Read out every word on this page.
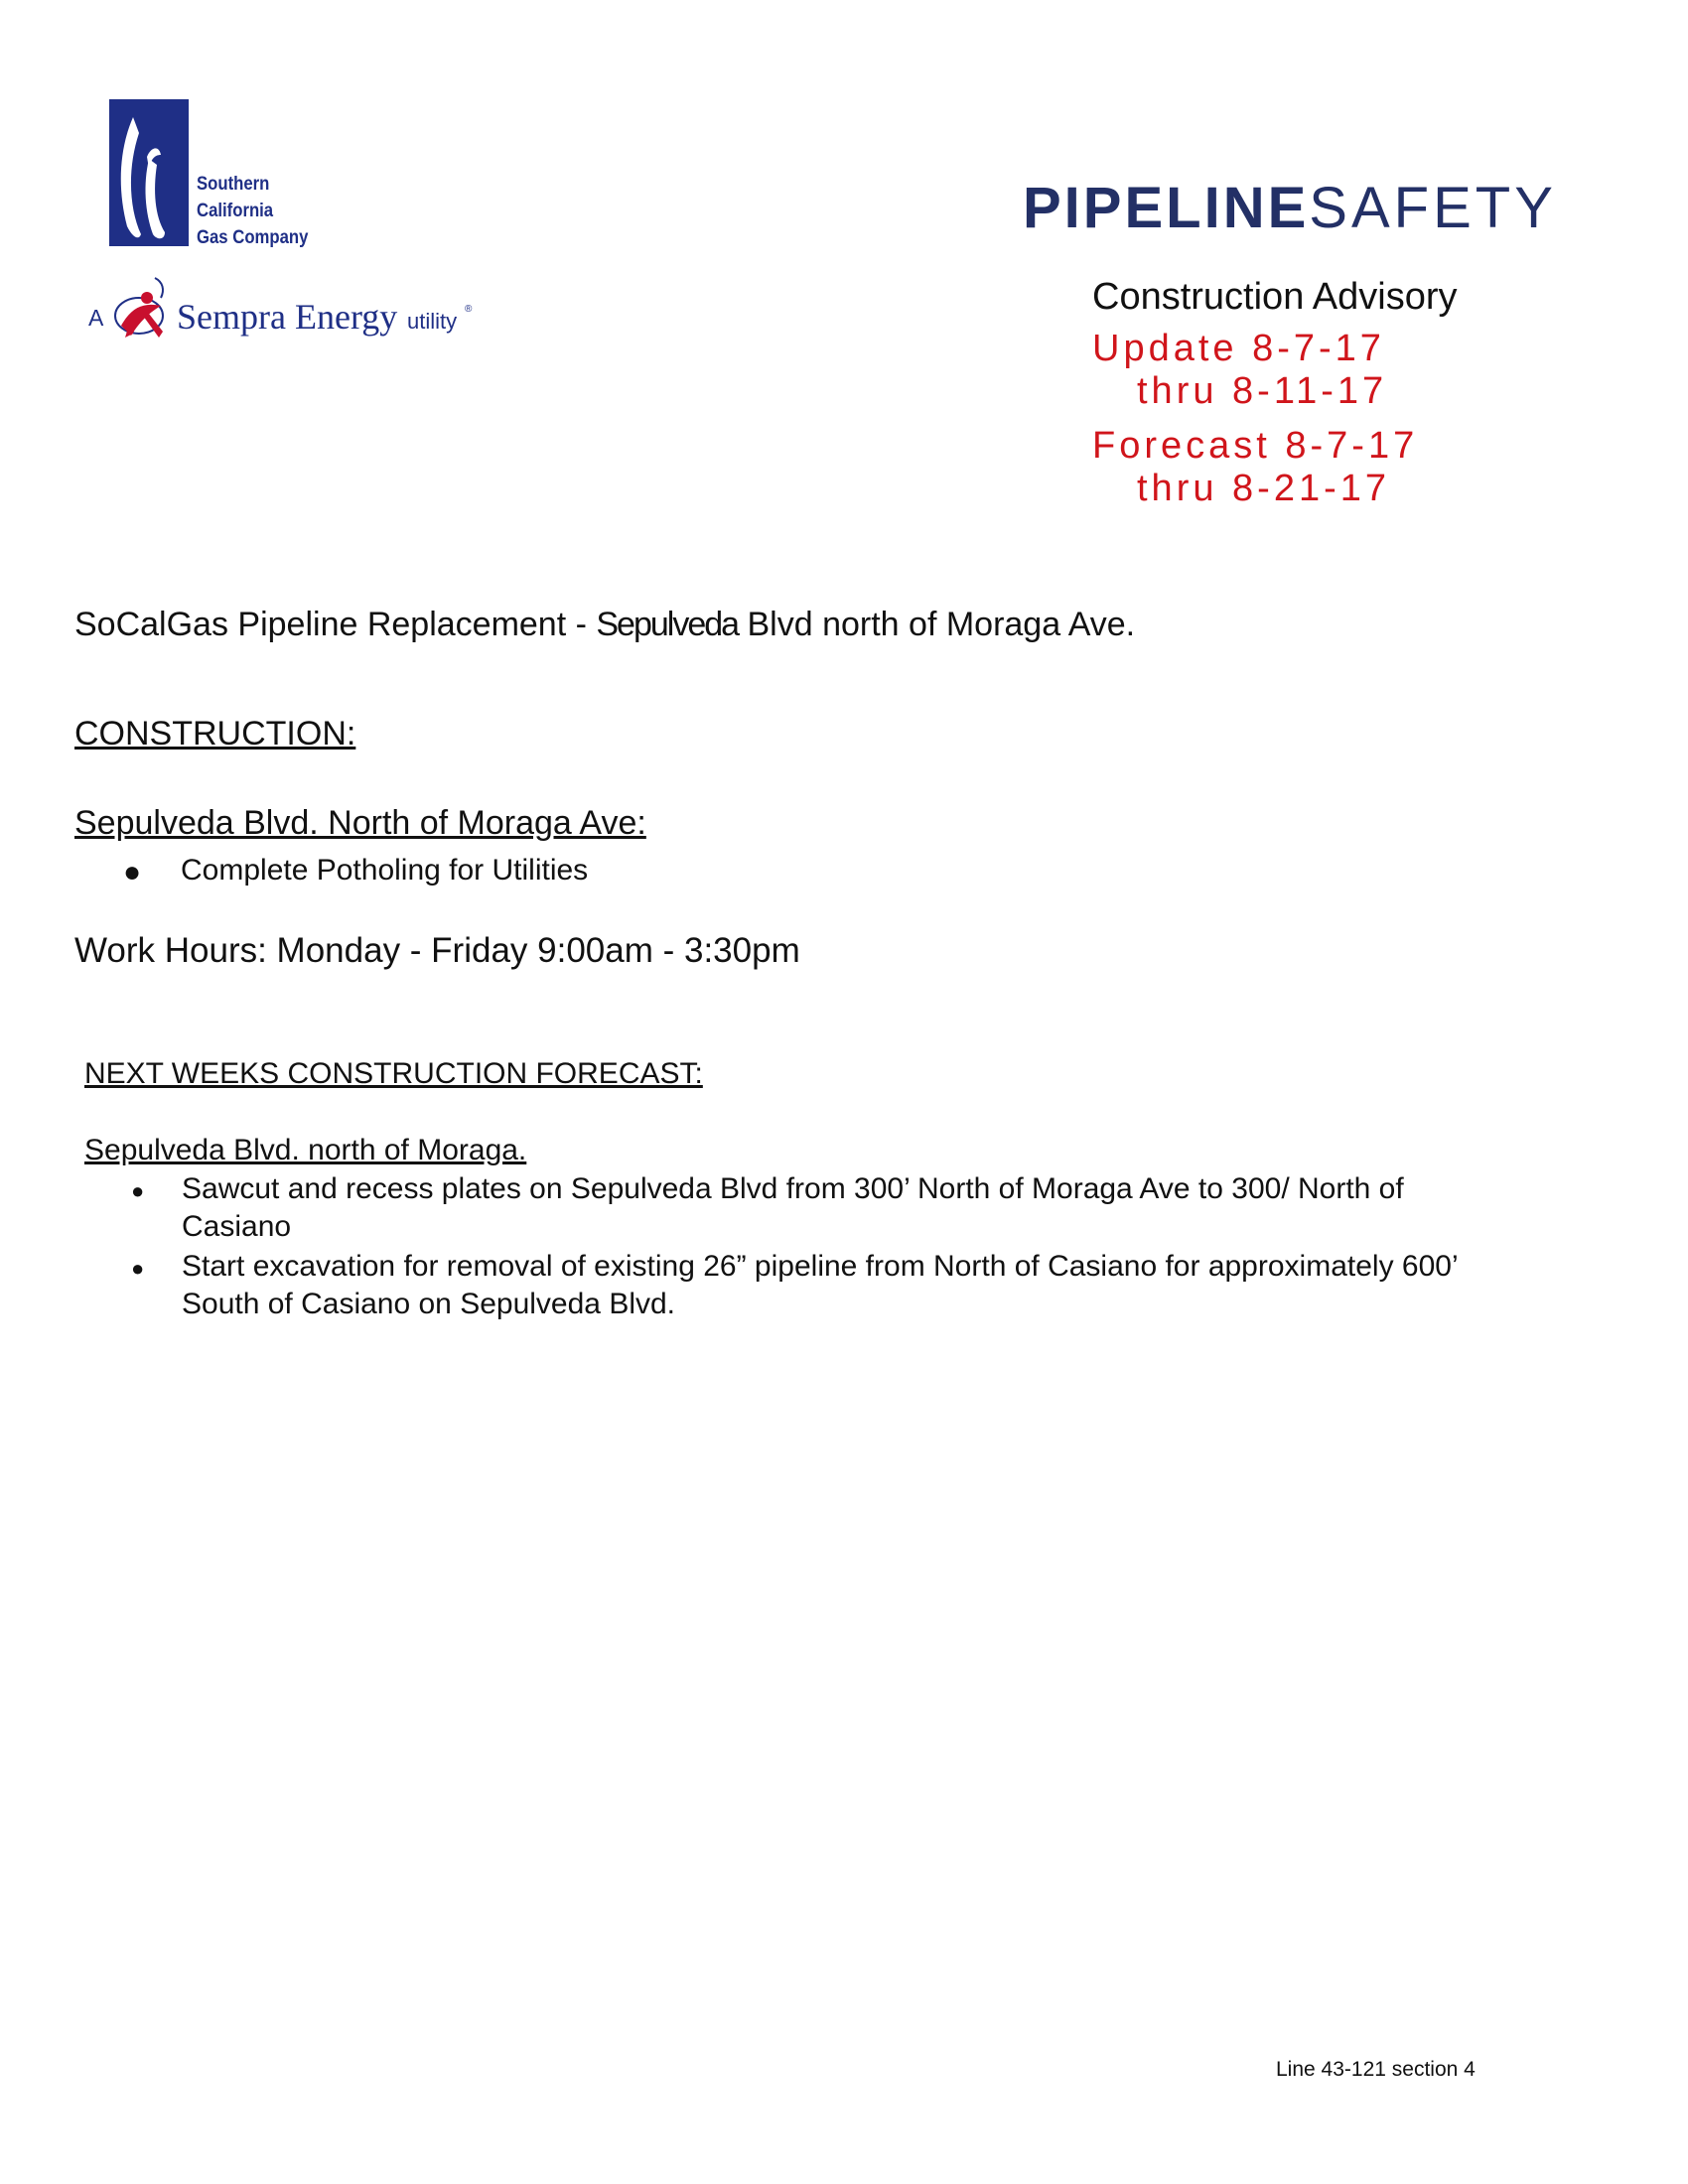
Southern
California
Gas Company
A Sempra Energy utility ®
PIPELINESAFETY
Construction Advisory
Update 8-7-17
thru 8-11-17
Forecast 8-7-17
thru 8-21-17
SoCalGas Pipeline Replacement - Sepulveda Blvd north of Moraga Ave.
CONSTRUCTION:
Sepulveda Blvd. North of Moraga Ave:
● Complete Potholing for Utilities
Work Hours: Monday - Friday 9:00am - 3:30pm
NEXT WEEKS CONSTRUCTION FORECAST:
Sepulveda Blvd. north of Moraga.
● Sawcut and recess plates on Sepulveda Blvd from 300’ North of Moraga Ave to 300/ North of
Casiano
● Start excavation for removal of existing 26” pipeline from North of Casiano for approximately 600’
South of Casiano on Sepulveda Blvd.
Line 43-121 section 4
